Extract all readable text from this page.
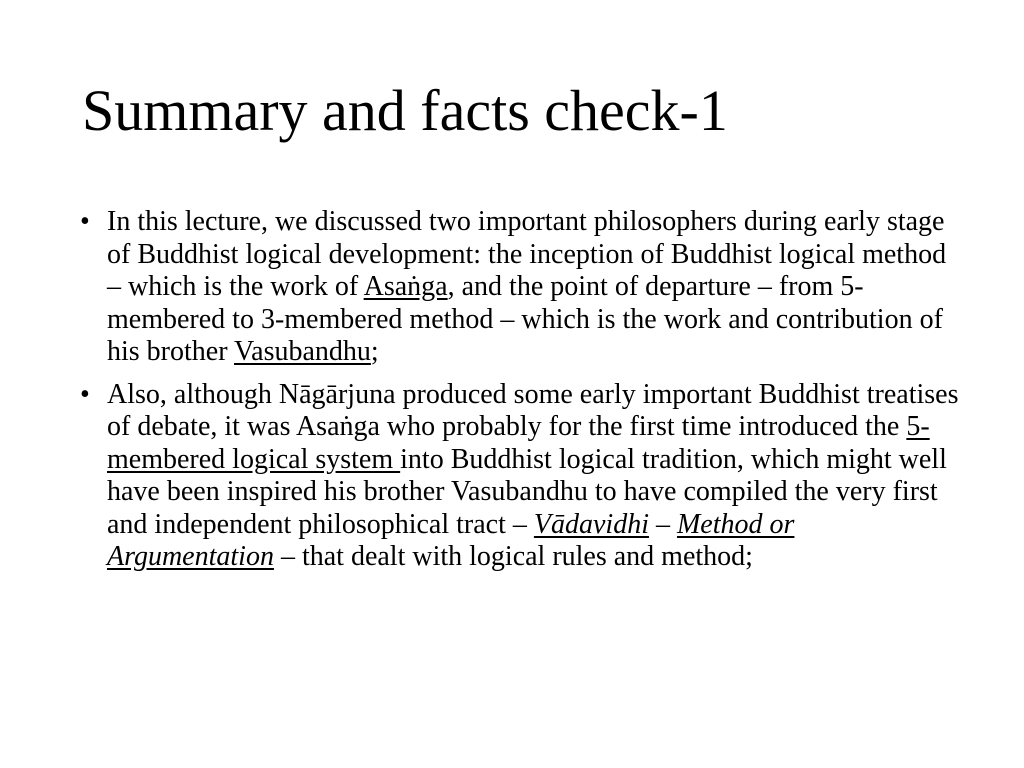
Summary and facts check-1
• In this lecture, we discussed two important philosophers during early stage of Buddhist logical development: the inception of Buddhist logical method – which is the work of Asaṅga, and the point of departure – from 5-membered to 3-membered method – which is the work and contribution of his brother Vasubandhu;
• Also, although Nāgārjuna produced some early important Buddhist treatises of debate, it was Asaṅga who probably for the first time introduced the 5-membered logical system into Buddhist logical tradition, which might well have been inspired his brother Vasubandhu to have compiled the very first and independent philosophical tract – Vādavidhi – Method or Argumentation – that dealt with logical rules and method;
